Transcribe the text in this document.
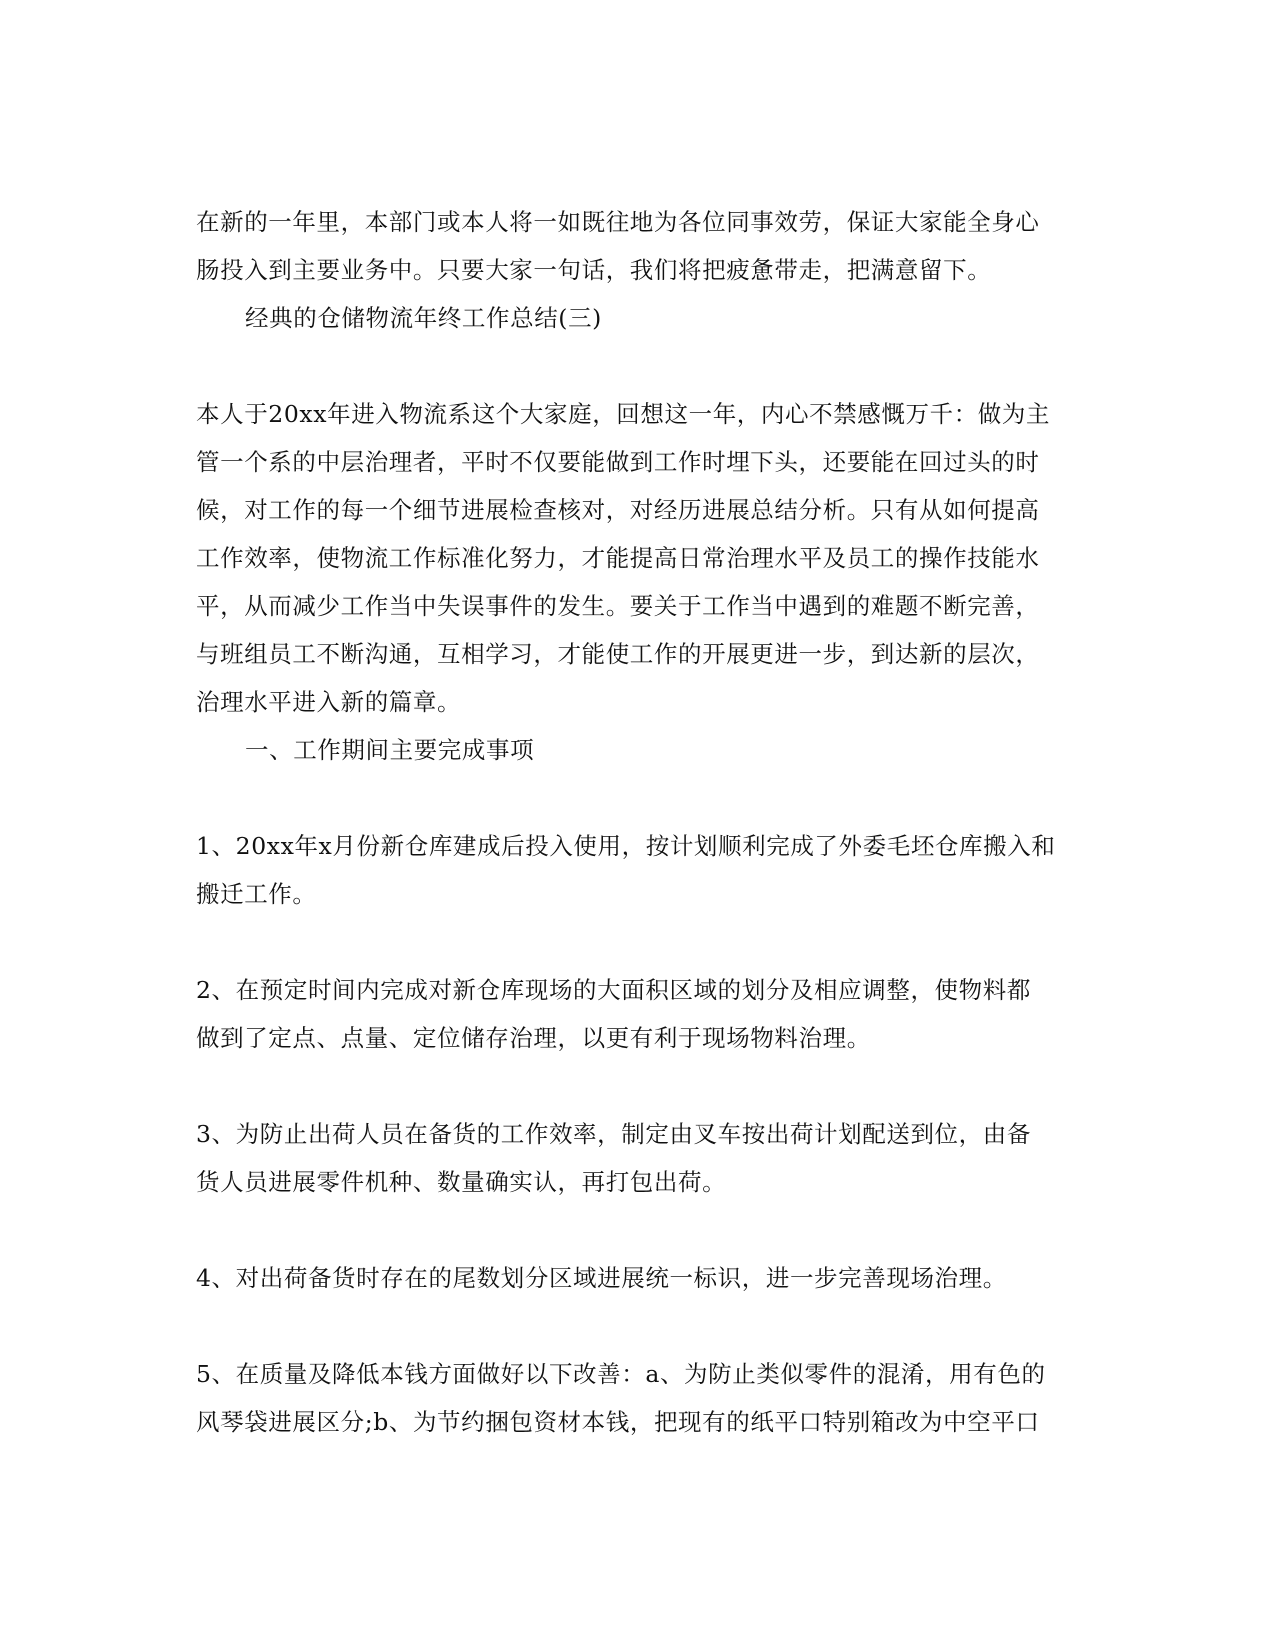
在新的一年里，本部门或本人将一如既往地为各位同事效劳，保证大家能全身心
肠投入到主要业务中。只要大家一句话，我们将把疲惫带走，把满意留下。
经典的仓储物流年终工作总结(三)
本人于20xx年进入物流系这个大家庭，回想这一年，内心不禁感慨万千：做为主
管一个系的中层治理者，平时不仅要能做到工作时埋下头，还要能在回过头的时
候，对工作的每一个细节进展检查核对，对经历进展总结分析。只有从如何提高
工作效率，使物流工作标准化努力，才能提高日常治理水平及员工的操作技能水
平，从而减少工作当中失误事件的发生。要关于工作当中遇到的难题不断完善，
与班组员工不断沟通，互相学习，才能使工作的开展更进一步，到达新的层次，
治理水平进入新的篇章。
一、工作期间主要完成事项
1、20xx年x月份新仓库建成后投入使用，按计划顺利完成了外委毛坯仓库搬入和
搬迁工作。
2、在预定时间内完成对新仓库现场的大面积区域的划分及相应调整，使物料都
做到了定点、点量、定位储存治理，以更有利于现场物料治理。
3、为防止出荷人员在备货的工作效率，制定由叉车按出荷计划配送到位，由备
货人员进展零件机种、数量确实认，再打包出荷。
4、对出荷备货时存在的尾数划分区域进展统一标识，进一步完善现场治理。
5、在质量及降低本钱方面做好以下改善：a、为防止类似零件的混淆，用有色的
风琴袋进展区分;b、为节约捆包资材本钱，把现有的纸平口特别箱改为中空平口
